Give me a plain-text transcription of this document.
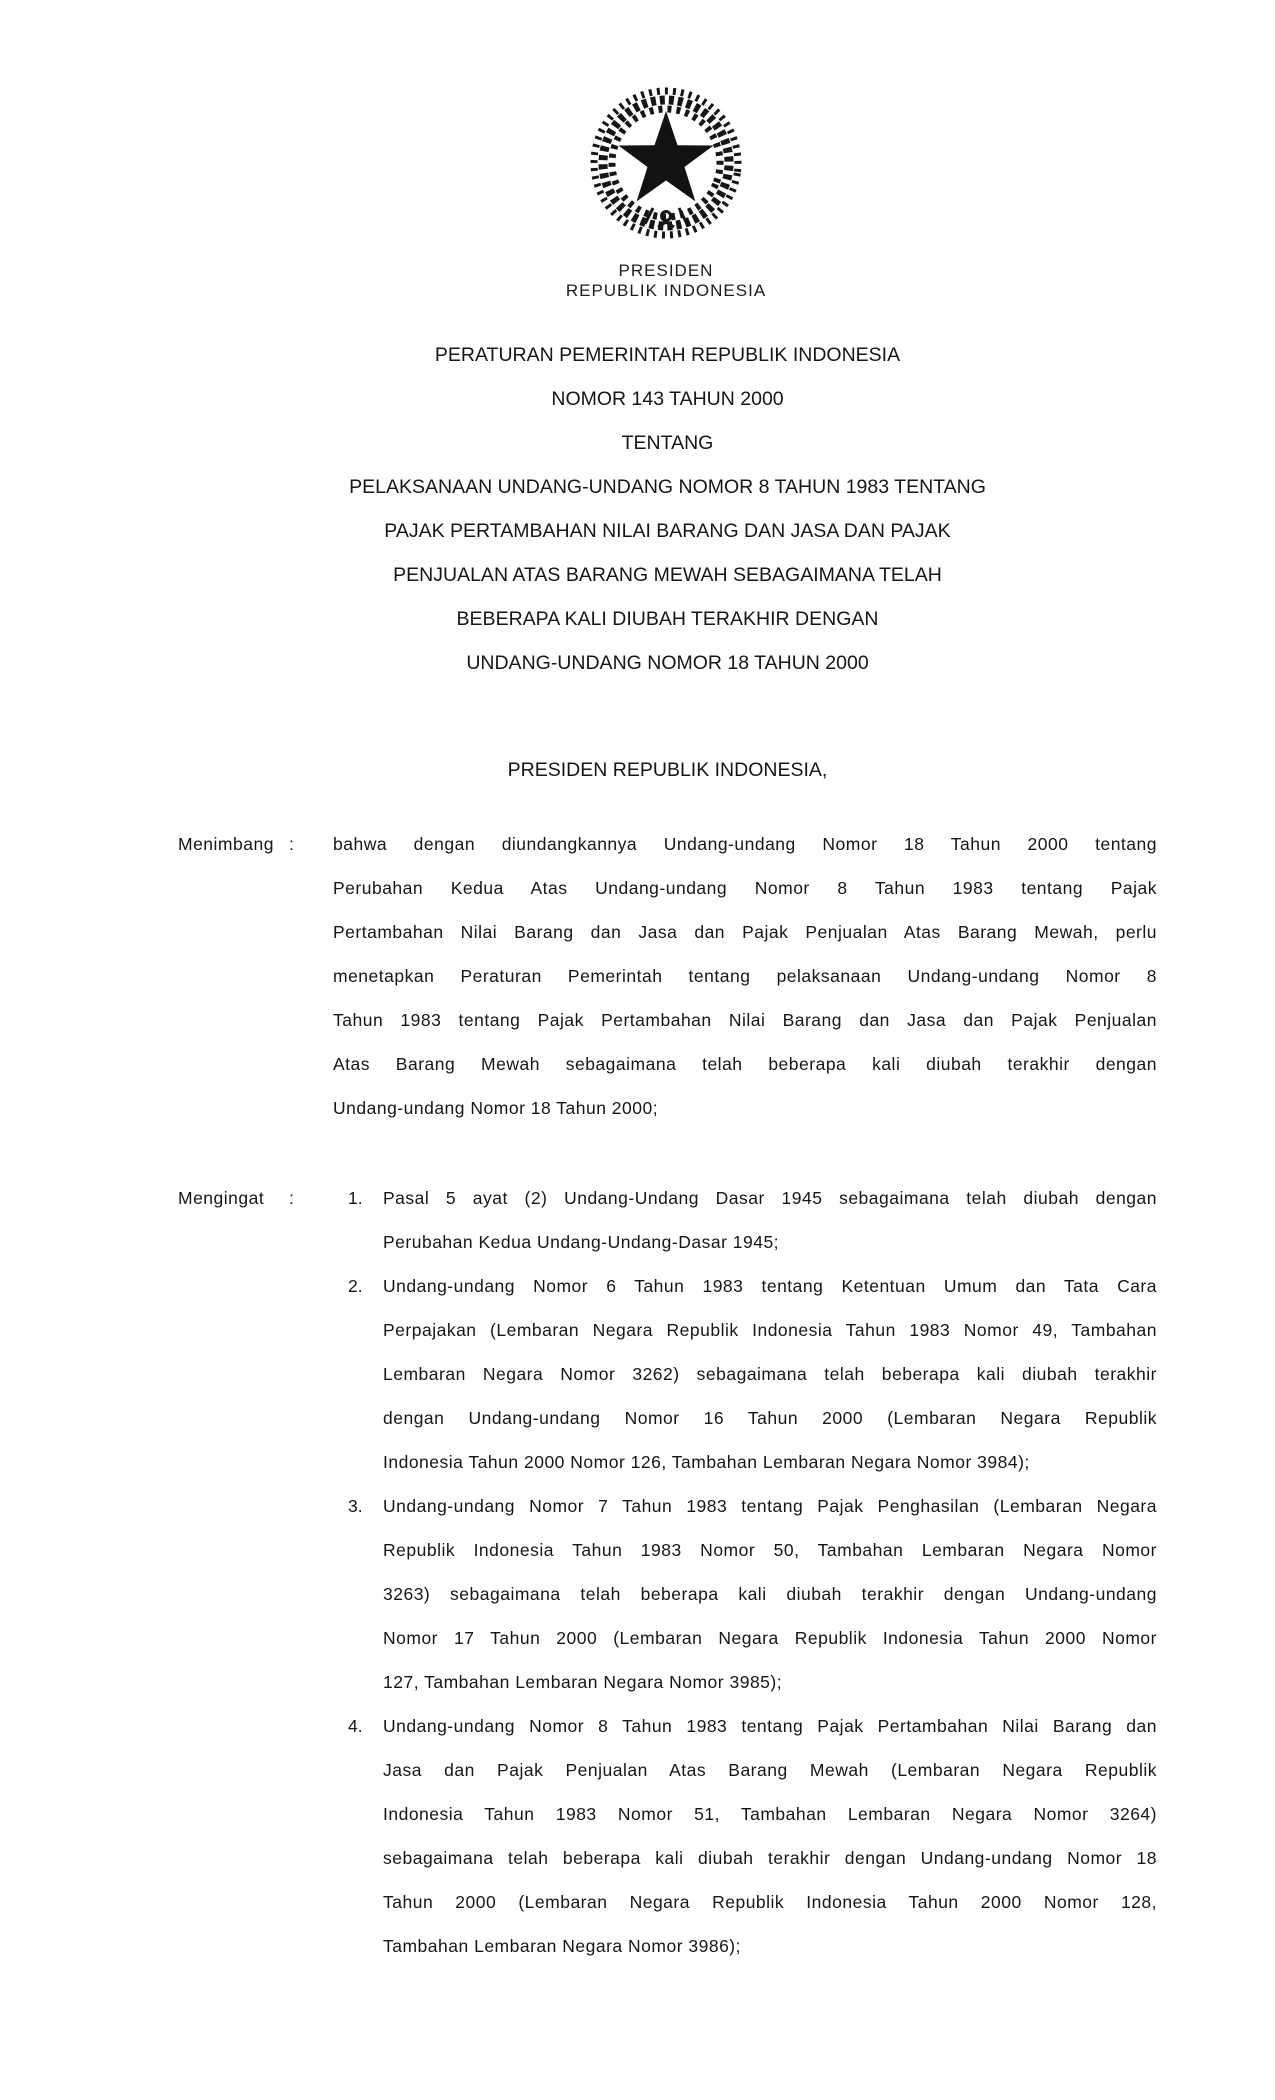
PRESIDEN
REPUBLIK INDONESIA
PERATURAN PEMERINTAH REPUBLIK INDONESIA
NOMOR 143 TAHUN 2000
TENTANG
PELAKSANAAN UNDANG-UNDANG NOMOR 8 TAHUN 1983 TENTANG
PAJAK PERTAMBAHAN NILAI BARANG DAN JASA DAN PAJAK
PENJUALAN ATAS BARANG MEWAH SEBAGAIMANA TELAH
BEBERAPA KALI DIUBAH TERAKHIR DENGAN
UNDANG-UNDANG NOMOR 18 TAHUN 2000
PRESIDEN REPUBLIK INDONESIA,
Menimbang :	bahwa dengan diundangkannya Undang-undang Nomor 18 Tahun 2000 tentang
Perubahan Kedua Atas Undang-undang Nomor 8 Tahun 1983 tentang Pajak
Pertambahan Nilai Barang dan Jasa dan Pajak Penjualan Atas Barang Mewah, perlu
menetapkan Peraturan Pemerintah tentang pelaksanaan Undang-undang Nomor 8
Tahun 1983 tentang Pajak Pertambahan Nilai Barang dan Jasa dan Pajak Penjualan
Atas Barang Mewah sebagaimana telah beberapa kali diubah terakhir dengan
Undang-undang Nomor 18 Tahun 2000;
Mengingat	:	1.	Pasal 5 ayat (2) Undang-Undang Dasar 1945 sebagaimana telah diubah dengan
Perubahan Kedua Undang-Undang-Dasar 1945;
2.	Undang-undang Nomor 6 Tahun 1983 tentang Ketentuan Umum dan Tata Cara
Perpajakan (Lembaran Negara Republik Indonesia Tahun 1983 Nomor 49, Tambahan
Lembaran Negara Nomor 3262) sebagaimana telah beberapa kali diubah terakhir
dengan Undang-undang Nomor 16 Tahun 2000 (Lembaran Negara Republik
Indonesia Tahun 2000 Nomor 126, Tambahan Lembaran Negara Nomor 3984);
3.	Undang-undang Nomor 7 Tahun 1983 tentang Pajak Penghasilan (Lembaran Negara
Republik Indonesia Tahun 1983 Nomor 50, Tambahan Lembaran Negara Nomor
3263) sebagaimana telah beberapa kali diubah terakhir dengan Undang-undang
Nomor 17 Tahun 2000 (Lembaran Negara Republik Indonesia Tahun 2000 Nomor
127, Tambahan Lembaran Negara Nomor 3985);
4.	Undang-undang Nomor 8 Tahun 1983 tentang Pajak Pertambahan Nilai Barang dan
Jasa dan Pajak Penjualan Atas Barang Mewah (Lembaran Negara Republik
Indonesia Tahun 1983 Nomor 51, Tambahan Lembaran Negara Nomor 3264)
sebagaimana telah beberapa kali diubah terakhir dengan Undang-undang Nomor 18
Tahun 2000 (Lembaran Negara Republik Indonesia Tahun 2000 Nomor 128,
Tambahan Lembaran Negara Nomor 3986);
